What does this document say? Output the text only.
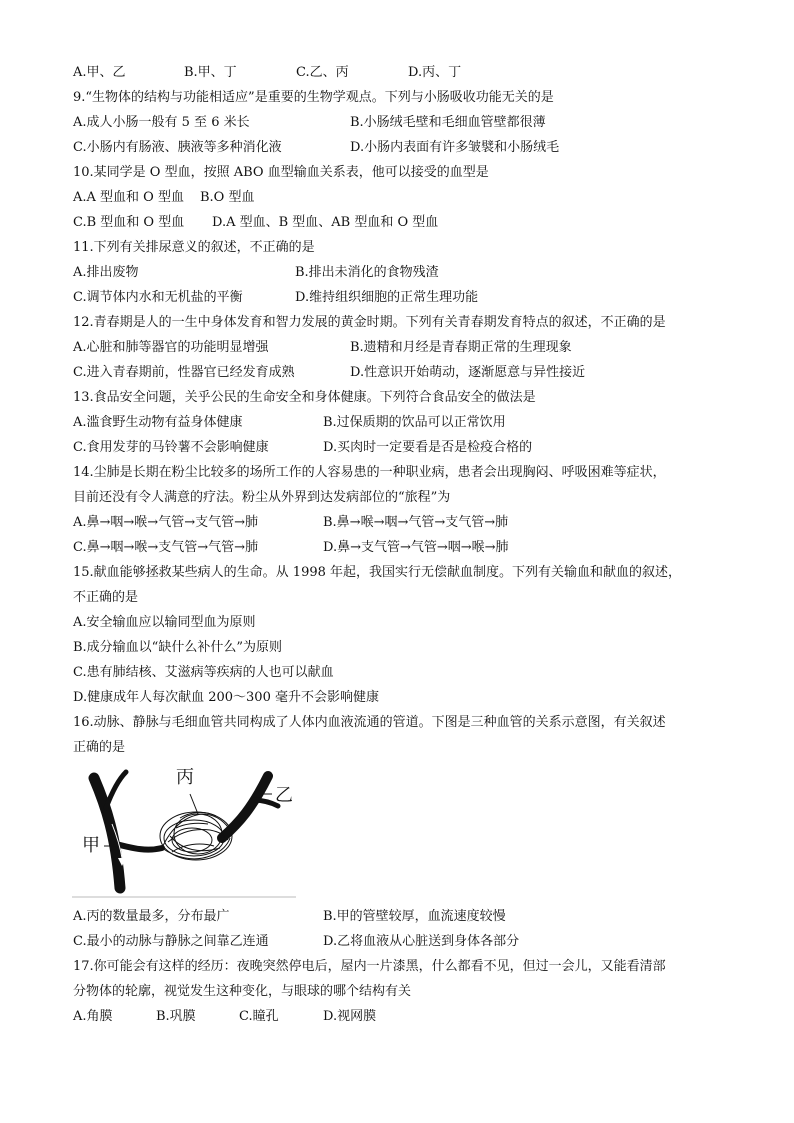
A.甲、乙	B.甲、丁	C.乙、丙	D.丙、丁
9.“生物体的结构与功能相适应”是重要的生物学观点。下列与小肠吸收功能无关的是
A.成人小肠一般有 5 至 6 米长	B.小肠绒毛壁和毛细血管壁都很薄
C.小肠内有肠液、胰液等多种消化液	D.小肠内表面有许多皱襞和小肠绒毛
10.某同学是 O 型血，按照 ABO 血型输血关系表，他可以接受的血型是
A.A 型血和 O 型血 B.O 型血
C.B 型血和 O 型血 D.A 型血、B 型血、AB 型血和 O 型血
11.下列有关排尿意义的叙述，不正确的是
A.排出废物	B.排出未消化的食物残渣
C.调节体内水和无机盐的平衡	D.维持组织细胞的正常生理功能
12.青春期是人的一生中身体发育和智力发展的黄金时期。下列有关青春期发育特点的叙述，不正确的是
A.心脏和肺等器官的功能明显增强	B.遗精和月经是青春期正常的生理现象
C.进入青春期前，性器官已经发育成熟	D.性意识开始萌动，逐渐愿意与异性接近
13.食品安全问题，关乎公民的生命安全和身体健康。下列符合食品安全的做法是
A.滥食野生动物有益身体健康	B.过保质期的饮品可以正常饮用
C.食用发芽的马铃薯不会影响健康	D.买肉时一定要看是否是检疫合格的
14.尘肺是长期在粉尘比较多的场所工作的人容易患的一种职业病，患者会出现胸闷、呼吸困难等症状，
目前还没有令人满意的疗法。粉尘从外界到达发病部位的“旅程”为
A.鼻→咽→喉→气管→支气管→肺	B.鼻→喉→咽→气管→支气管→肺
C.鼻→咽→喉→支气管→气管→肺	D.鼻→支气管→气管→咽→喉→肺
15.献血能够拯救某些病人的生命。从 1998 年起，我国实行无偿献血制度。下列有关输血和献血的叙述，
不正确的是
A.安全输血应以输同型血为原则
B.成分输血以“缺什么补什么”为原则
C.患有肺结核、艾滋病等疾病的人也可以献血
D.健康成年人每次献血 200～300 毫升不会影响健康
16.动脉、静脉与毛细血管共同构成了人体内血液流通的管道。下图是三种血管的关系示意图，有关叙述
正确的是
丙
乙
甲
A.丙的数量最多，分布最广	B.甲的管壁较厚，血流速度较慢
C.最小的动脉与静脉之间靠乙连通	D.乙将血液从心脏送到身体各部分
17.你可能会有这样的经历：夜晚突然停电后，屋内一片漆黑，什么都看不见，但过一会儿，又能看清部
分物体的轮廓，视觉发生这种变化，与眼球的哪个结构有关
A.角膜	B.巩膜	C.瞳孔	D.视网膜
